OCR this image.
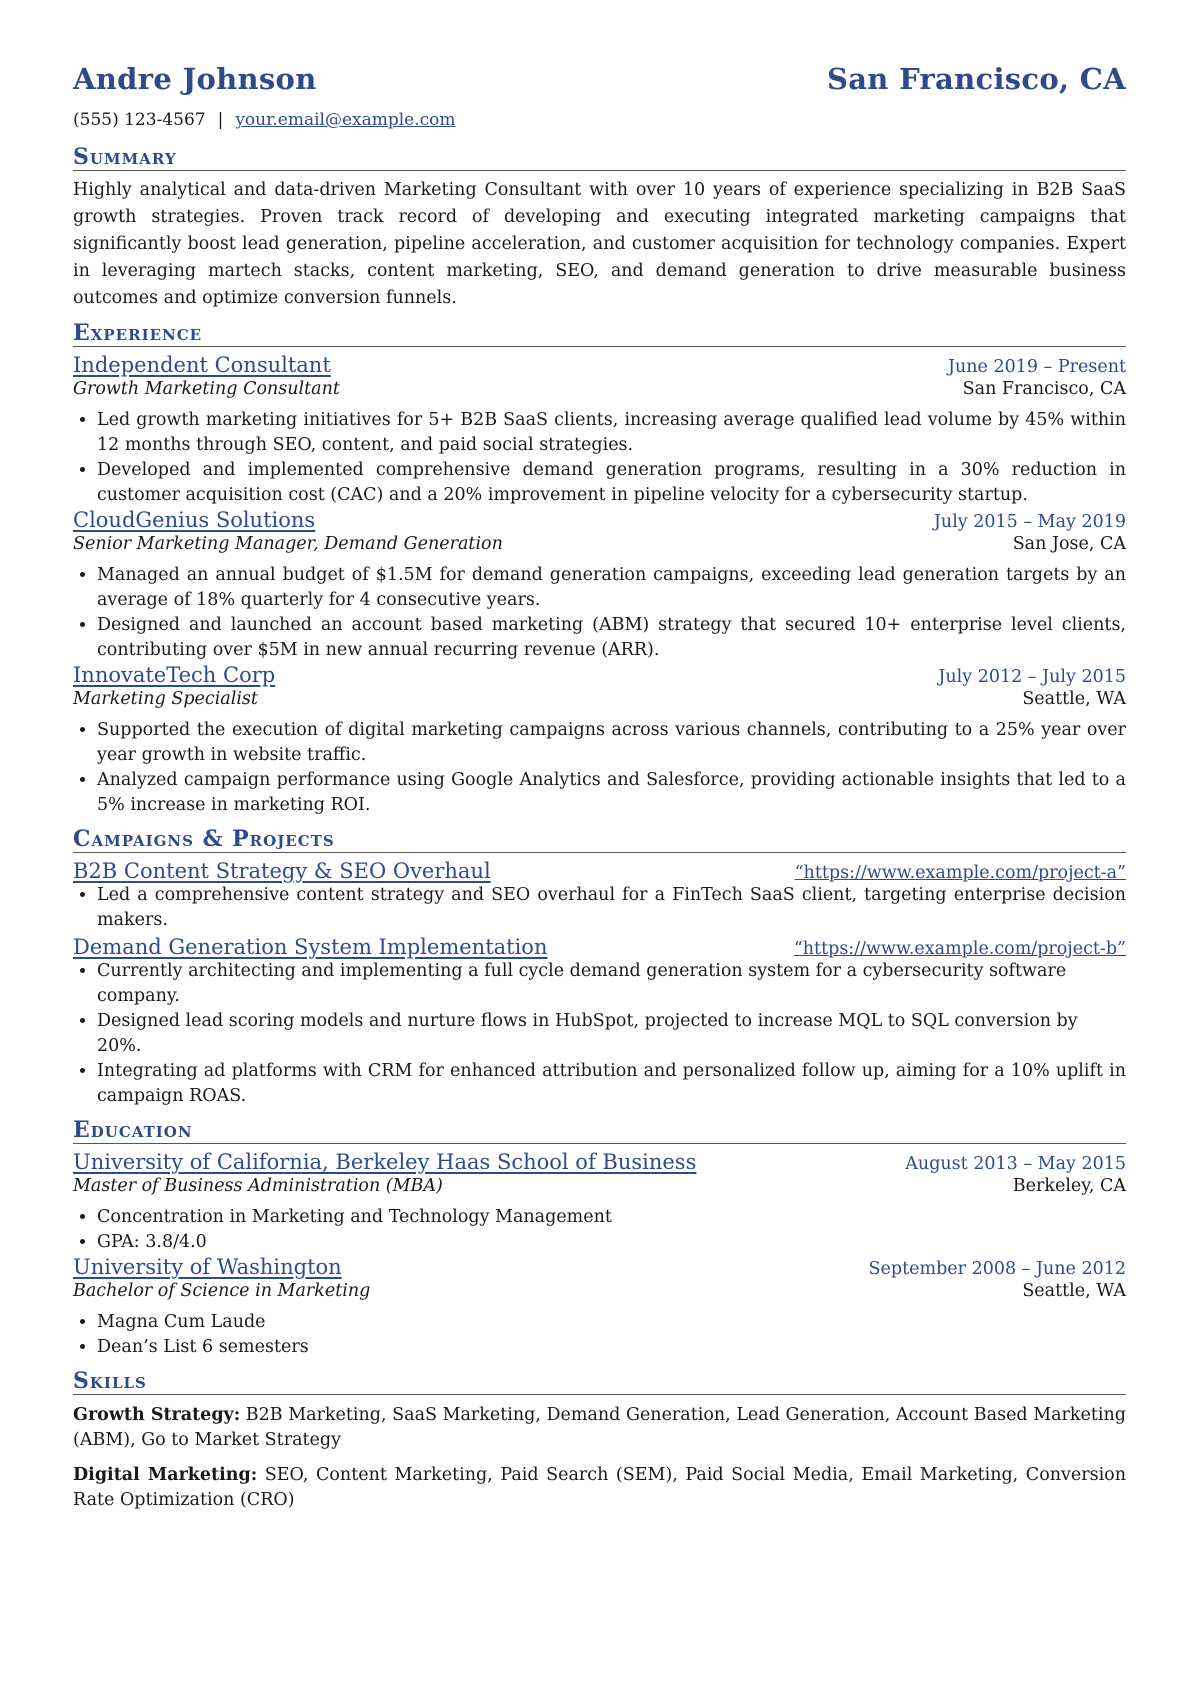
Andre Johnson	San Francisco, CA
(555) 123-4567 | your.email@example.com
Summary
Highly analytical and data-driven Marketing Consultant with over 10 years of experience specializing in B2B SaaS growth strategies. Proven track record of developing and executing integrated marketing campaigns that significantly boost lead generation, pipeline acceleration, and customer acquisition for technology companies. Expert in leveraging martech stacks, content marketing, SEO, and demand generation to drive measurable business outcomes and optimize conversion funnels.
Experience
Independent Consultant	June 2019 – Present
Growth Marketing Consultant	San Francisco, CA
• Led growth marketing initiatives for 5+ B2B SaaS clients, increasing average qualified lead volume by 45% within 12 months through SEO, content, and paid social strategies.
• Developed and implemented comprehensive demand generation programs, resulting in a 30% reduction in customer acquisition cost (CAC) and a 20% improvement in pipeline velocity for a cybersecurity startup.
CloudGenius Solutions	July 2015 – May 2019
Senior Marketing Manager, Demand Generation	San Jose, CA
• Managed an annual budget of $1.5M for demand generation campaigns, exceeding lead generation targets by an average of 18% quarterly for 4 consecutive years.
• Designed and launched an account based marketing (ABM) strategy that secured 10+ enterprise level clients, contributing over $5M in new annual recurring revenue (ARR).
InnovateTech Corp	July 2012 – July 2015
Marketing Specialist	Seattle, WA
• Supported the execution of digital marketing campaigns across various channels, contributing to a 25% year over year growth in website traffic.
• Analyzed campaign performance using Google Analytics and Salesforce, providing actionable insights that led to a 5% increase in marketing ROI.
Campaigns & Projects
B2B Content Strategy & SEO Overhaul	“https://www.example.com/project-a”
• Led a comprehensive content strategy and SEO overhaul for a FinTech SaaS client, targeting enterprise decision makers.
Demand Generation System Implementation	“https://www.example.com/project-b”
• Currently architecting and implementing a full cycle demand generation system for a cybersecurity software company.
• Designed lead scoring models and nurture flows in HubSpot, projected to increase MQL to SQL conversion by 20%.
• Integrating ad platforms with CRM for enhanced attribution and personalized follow up, aiming for a 10% uplift in campaign ROAS.
Education
University of California, Berkeley Haas School of Business	August 2013 – May 2015
Master of Business Administration (MBA)	Berkeley, CA
• Concentration in Marketing and Technology Management
• GPA: 3.8/4.0
University of Washington	September 2008 – June 2012
Bachelor of Science in Marketing	Seattle, WA
• Magna Cum Laude
• Dean’s List 6 semesters
Skills
Growth Strategy: B2B Marketing, SaaS Marketing, Demand Generation, Lead Generation, Account Based Marketing (ABM), Go to Market Strategy
Digital Marketing: SEO, Content Marketing, Paid Search (SEM), Paid Social Media, Email Marketing, Conversion Rate Optimization (CRO)
